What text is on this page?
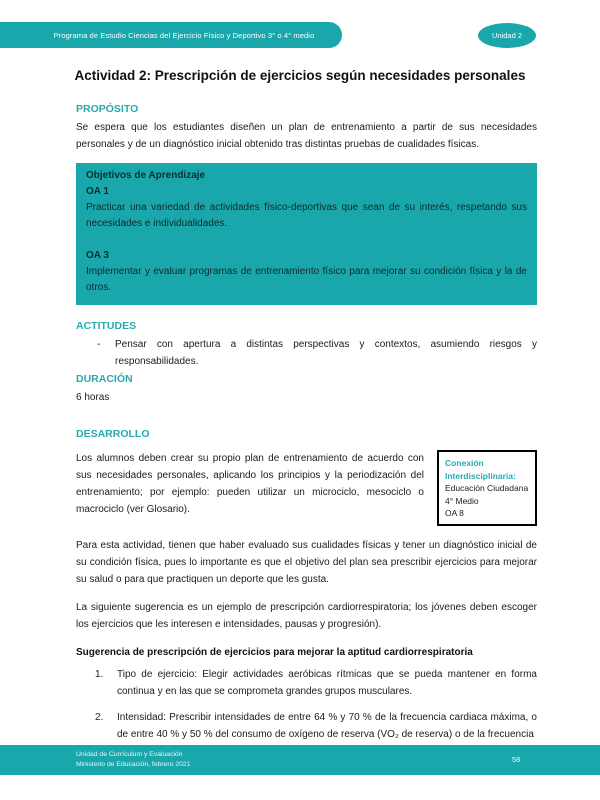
Programa de Estudio Ciencias del Ejercicio Físico y Deportivo 3° o 4° medio	Unidad 2
Actividad 2: Prescripción de ejercicios según necesidades personales
PROPÓSITO

Se espera que los estudiantes diseñen un plan de entrenamiento a partir de sus necesidades personales y de un diagnóstico inicial obtenido tras distintas pruebas de cualidades físicas.

Objetivos de Aprendizaje
OA 1

Practicar una variedad de actividades físico-deportivas que sean de su interés, respetando sus necesidades e individualidades.

OA 3

Implementar y evaluar programas de entrenamiento físico para mejorar su condición física y la de otros.

ACTITUDES
-	Pensar con apertura a distintas perspectivas y contextos, asumiendo riesgos y responsabilidades.

DURACIÓN
6 horas
DESARROLLO

Los alumnos deben crear su propio plan de entrenamiento de acuerdo con sus necesidades personales, aplicando los principios y la periodización del entrenamiento; por ejemplo: pueden utilizar un microciclo, mesociclo o macrociclo (ver Glosario).

Conexión Interdisciplinaria:
Educación Ciudadana
4° Medio
OA 8

Para esta actividad, tienen que haber evaluado sus cualidades físicas y tener un diagnóstico inicial de su condición física, pues lo importante es que el objetivo del plan sea prescribir ejercicios para mejorar su salud o para que practiquen un deporte que les gusta.

La siguiente sugerencia es un ejemplo de prescripción cardiorrespiratoria; los jóvenes deben escoger los ejercicios que les interesen e intensidades, pausas y progresión).

Sugerencia de prescripción de ejercicios para mejorar la aptitud cardiorrespiratoria
1.	Tipo de ejercicio: Elegir actividades aeróbicas rítmicas que se pueda mantener en forma continua y en las que se comprometa grandes grupos musculares.

2.	Intensidad: Prescribir intensidades de entre 64 % y 70 % de la frecuencia cardiaca máxima, o de entre 40 % y 50 % del consumo de oxígeno de reserva (VO₂ de reserva) o de la frecuencia

Unidad de Currículum y Evaluación
Ministerio de Educación, febrero 2021	58
